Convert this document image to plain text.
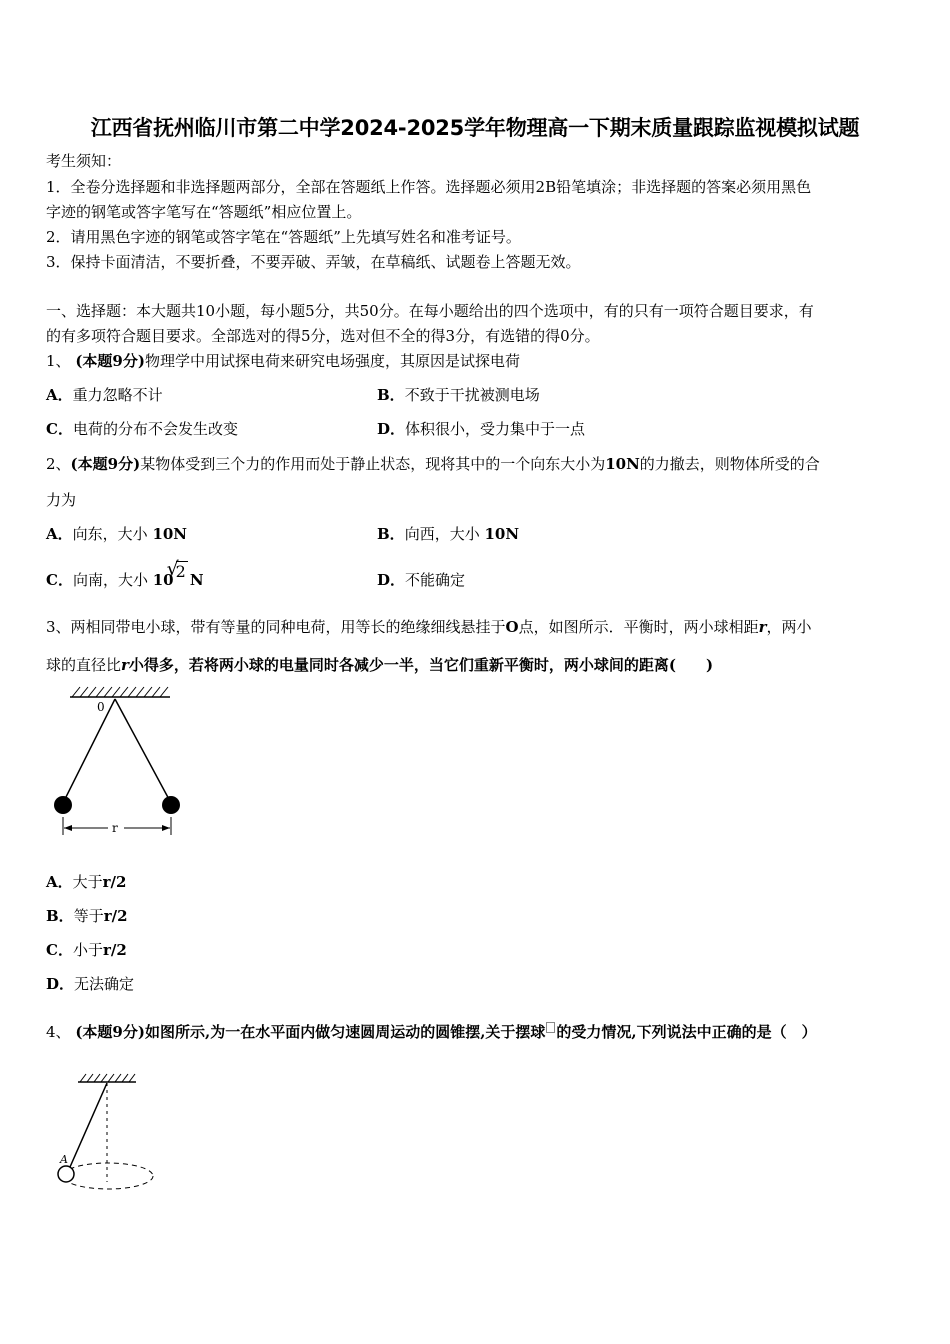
江西省抚州临川市第二中学2024-2025学年物理高一下期末质量跟踪监视模拟试题
考生须知：
1．全卷分选择题和非选择题两部分，全部在答题纸上作答。选择题必须用2B铅笔填涂；非选择题的答案必须用黑色
字迹的钢笔或答字笔写在“答题纸”相应位置上。
2．请用黑色字迹的钢笔或答字笔在“答题纸”上先填写姓名和准考证号。
3．保持卡面清洁，不要折叠，不要弄破、弄皱，在草稿纸、试题卷上答题无效。
一、选择题：本大题共10小题，每小题5分，共50分。在每小题给出的四个选项中，有的只有一项符合题目要求，有
的有多项符合题目要求。全部选对的得5分，选对但不全的得3分，有选错的得0分。
1、 (本题9分)物理学中用试探电荷来研究电场强度，其原因是试探电荷
A．重力忽略不计	B．不致于干扰被测电场
C．电荷的分布不会发生改变	D．体积很小，受力集中于一点
2、(本题9分)某物体受到三个力的作用而处于静止状态，现将其中的一个向东大小为10N的力撤去，则物体所受的合
力为
A．向东，大小 10N	B．向西，大小 10N
C．向南，大小 10
√
2 N	D．不能确定
3、两相同带电小球，带有等量的同种电荷，用等长的绝缘细线悬挂于O点，如图所示．平衡时，两小球相距r，两小
球的直径比r小得多，若将两小球的电量同时各减少一半，当它们重新平衡时，两小球间的距离(　　)
0
r
A．大于r/2
B．等于r/2
C．小于r/2
D．无法确定
4、 (本题9分)如图所示,为一在水平面内做匀速圆周运动的圆锥摆,关于摆球 的受力情况,下列说法中正确的是（　）
A
